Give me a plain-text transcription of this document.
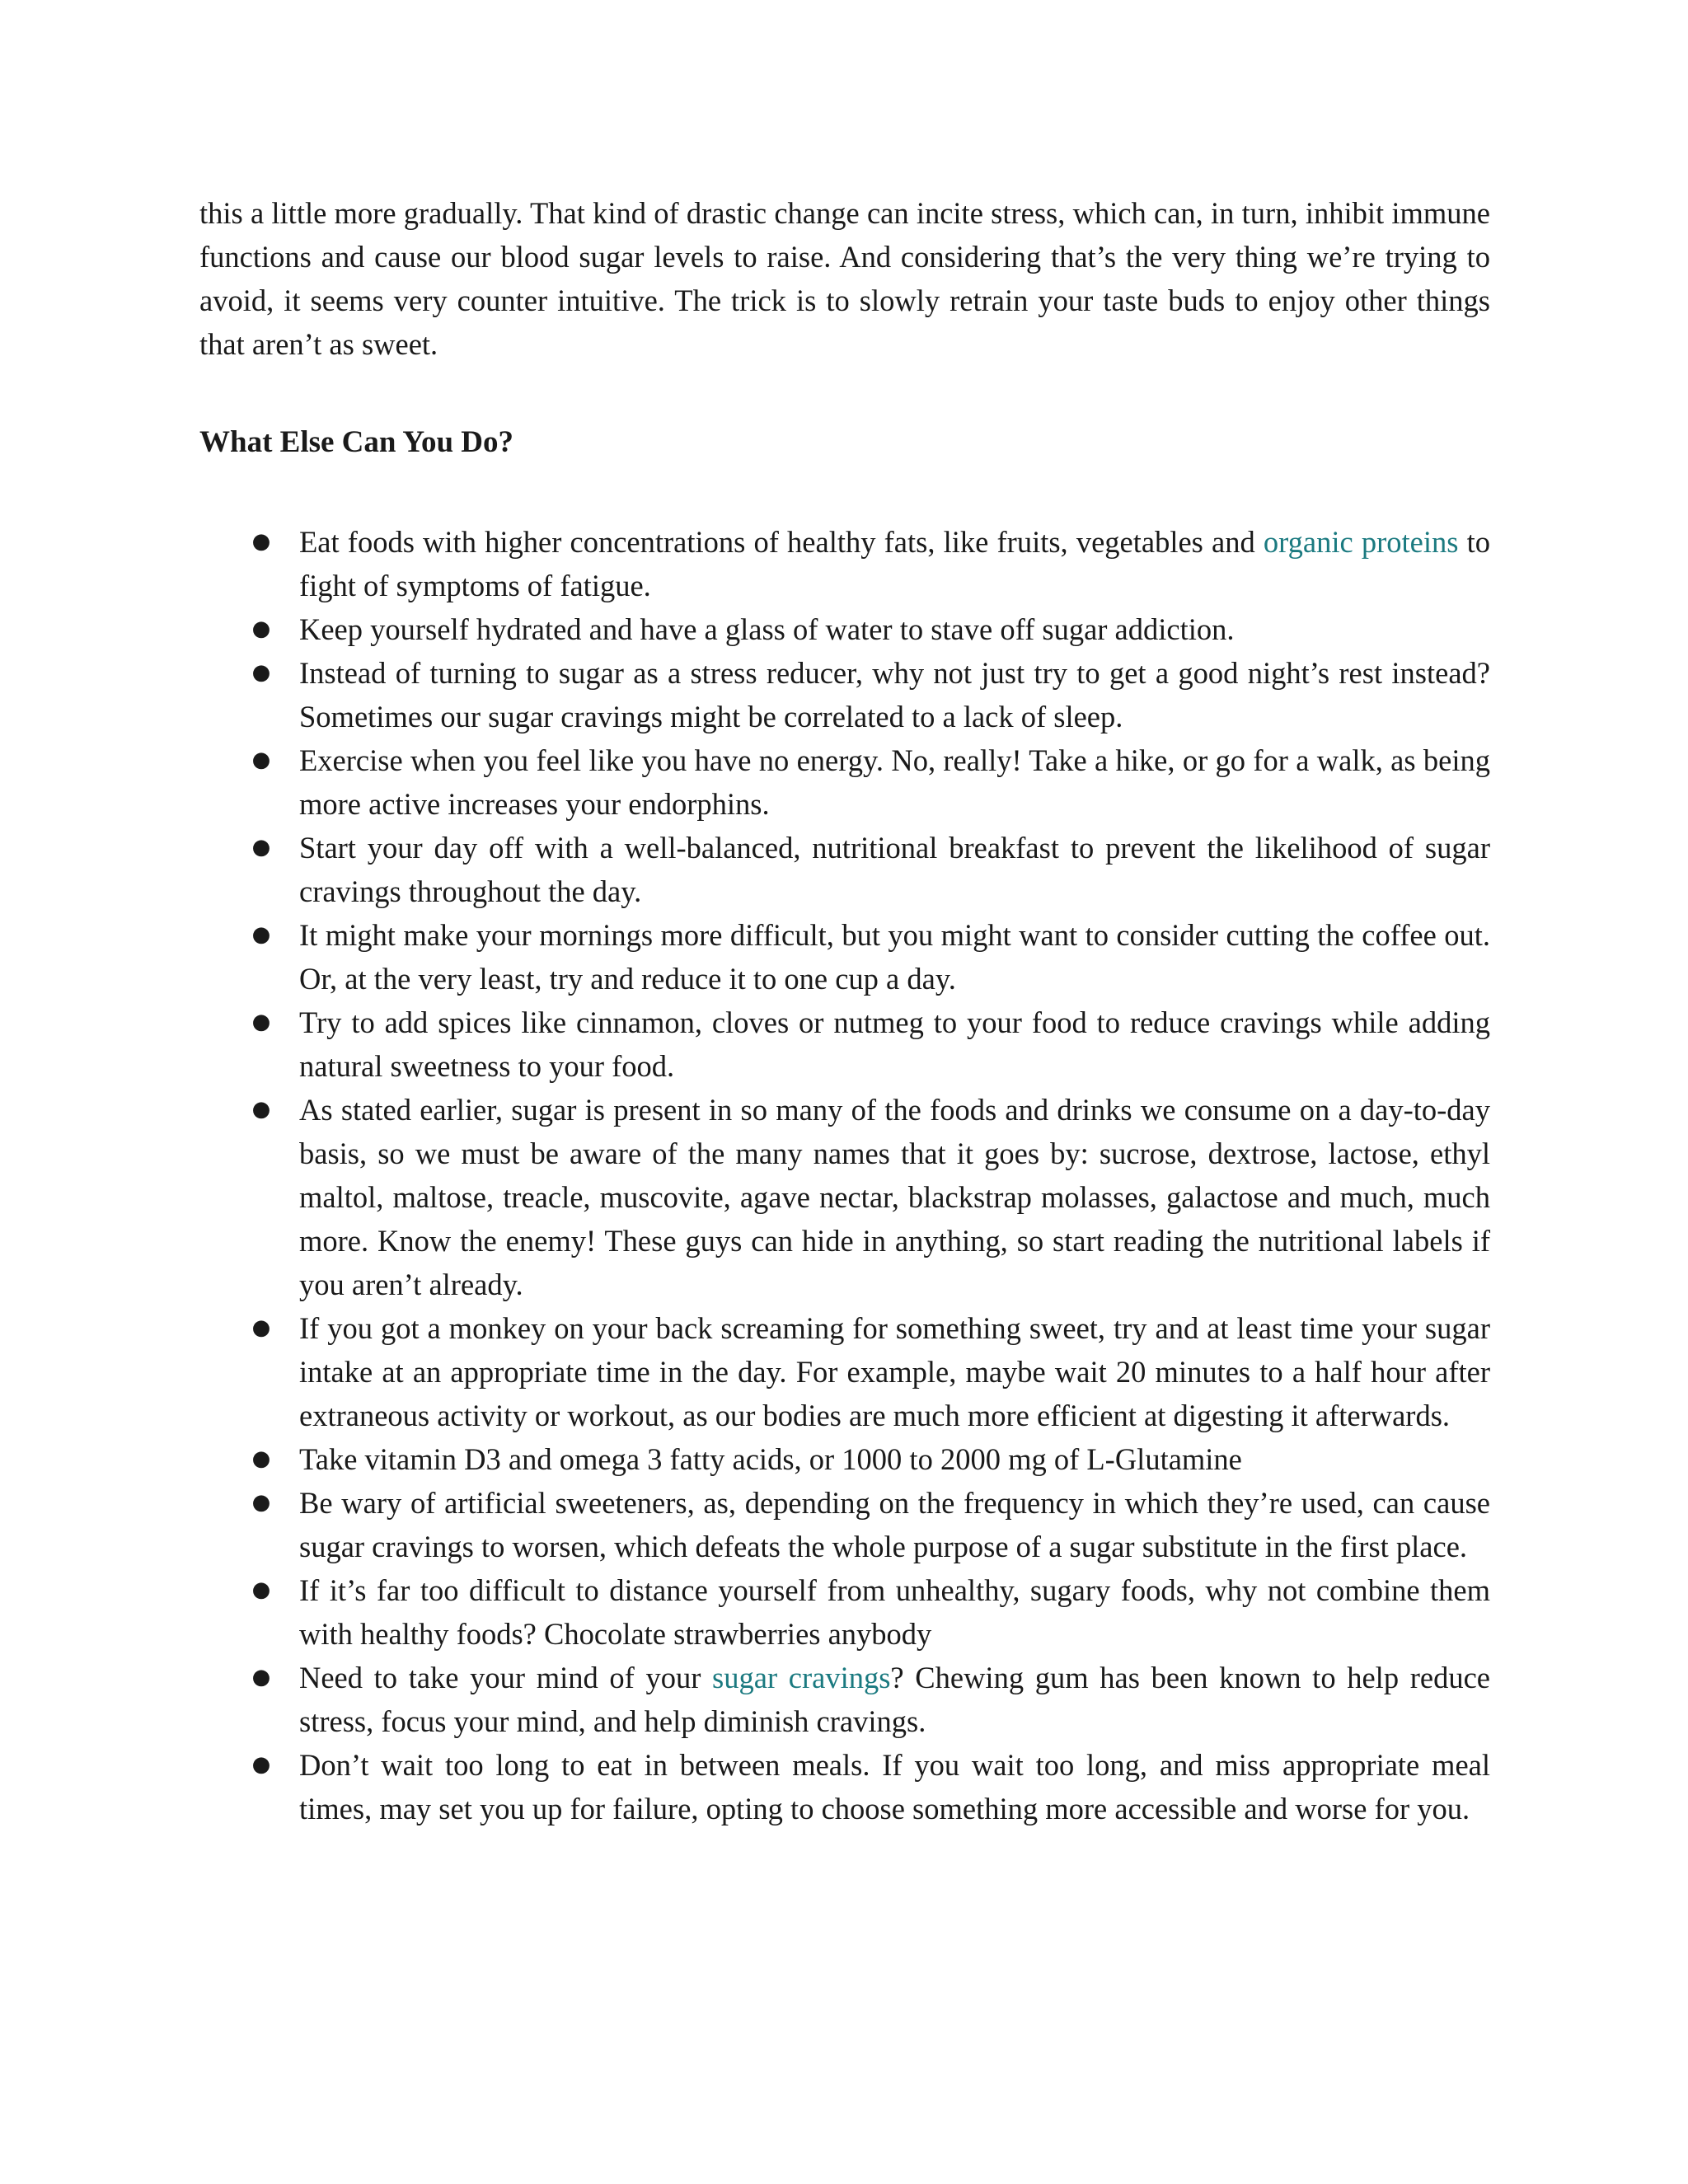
this a little more gradually. That kind of drastic change can incite stress, which can, in turn, inhibit immune functions and cause our blood sugar levels to raise. And considering that’s the very thing we’re trying to avoid, it seems very counter intuitive. The trick is to slowly retrain your taste buds to enjoy other things that aren’t as sweet.

What Else Can You Do?
● Eat foods with higher concentrations of healthy fats, like fruits, vegetables and organic proteins to fight of symptoms of fatigue.
● Keep yourself hydrated and have a glass of water to stave off sugar addiction.
● Instead of turning to sugar as a stress reducer, why not just try to get a good night’s rest instead? Sometimes our sugar cravings might be correlated to a lack of sleep.
● Exercise when you feel like you have no energy. No, really! Take a hike, or go for a walk, as being more active increases your endorphins.
● Start your day off with a well-balanced, nutritional breakfast to prevent the likelihood of sugar cravings throughout the day.
● It might make your mornings more difficult, but you might want to consider cutting the coffee out. Or, at the very least, try and reduce it to one cup a day.
● Try to add spices like cinnamon, cloves or nutmeg to your food to reduce cravings while adding natural sweetness to your food.
● As stated earlier, sugar is present in so many of the foods and drinks we consume on a day-to-day basis, so we must be aware of the many names that it goes by: sucrose, dextrose, lactose, ethyl maltol, maltose, treacle, muscovite, agave nectar, blackstrap molasses, galactose and much, much more. Know the enemy! These guys can hide in anything, so start reading the nutritional labels if you aren’t already.
● If you got a monkey on your back screaming for something sweet, try and at least time your sugar intake at an appropriate time in the day. For example, maybe wait 20 minutes to a half hour after extraneous activity or workout, as our bodies are much more efficient at digesting it afterwards.
● Take vitamin D3 and omega 3 fatty acids, or 1000 to 2000 mg of L-Glutamine
● Be wary of artificial sweeteners, as, depending on the frequency in which they’re used, can cause sugar cravings to worsen, which defeats the whole purpose of a sugar substitute in the first place.
● If it’s far too difficult to distance yourself from unhealthy, sugary foods, why not combine them with healthy foods? Chocolate strawberries anybody
● Need to take your mind of your sugar cravings? Chewing gum has been known to help reduce stress, focus your mind, and help diminish cravings.
● Don’t wait too long to eat in between meals. If you wait too long, and miss appropriate meal times, may set you up for failure, opting to choose something more accessible and worse for you.
